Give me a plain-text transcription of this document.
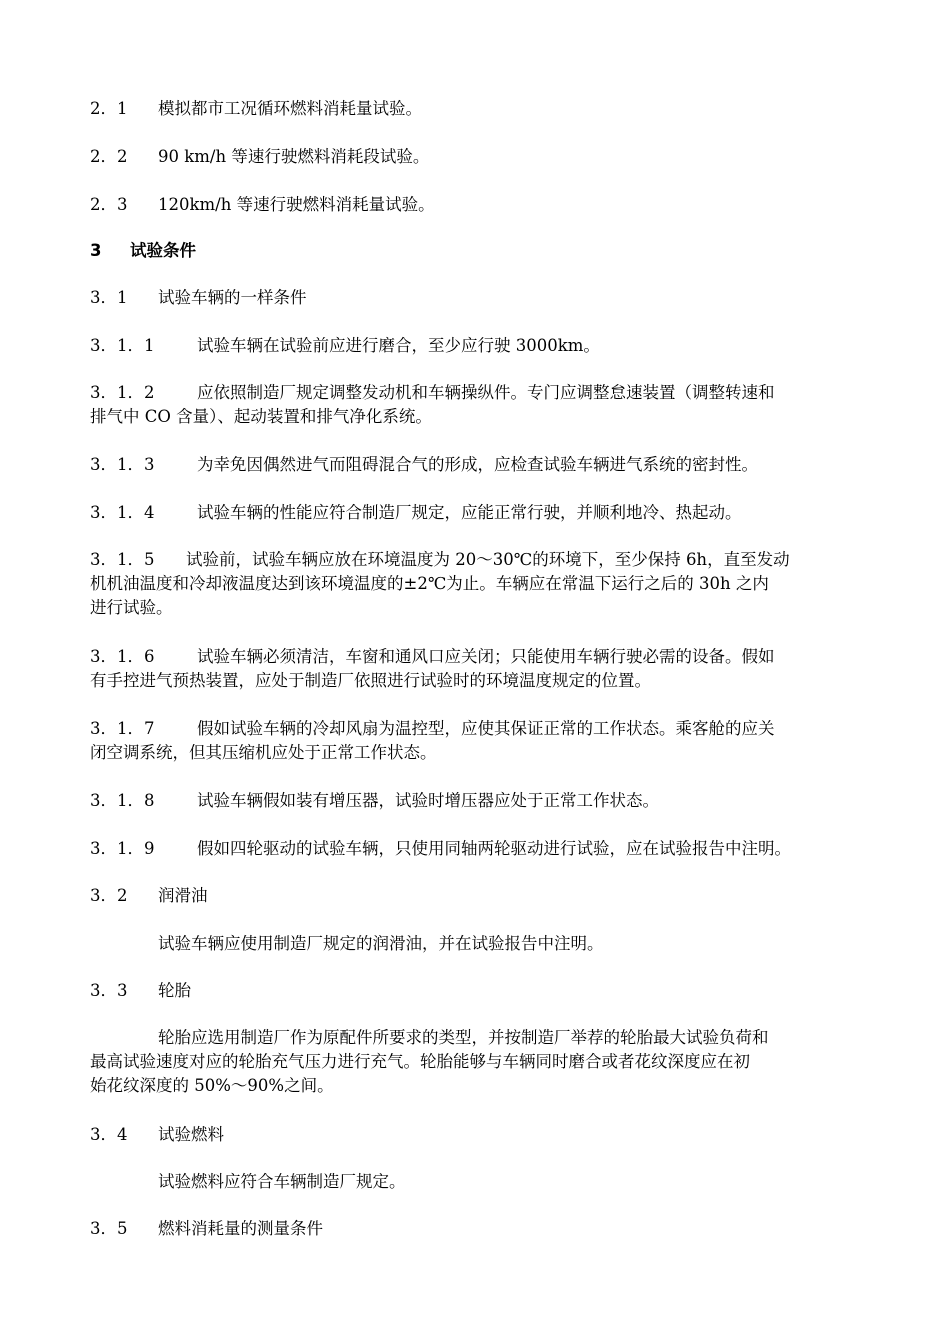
2．1 模拟都市工况循环燃料消耗量试验。
2．2 90 km/h 等速行驶燃料消耗段试验。
2．3 120km/h 等速行驶燃料消耗量试验。
3 试验条件
3．1 试验车辆的一样条件
3．1．1	试验车辆在试验前应进行磨合，至少应行驶 3000km。
3．1．2	应依照制造厂规定调整发动机和车辆操纵件。专门应调整怠速装置（调整转速和
排气中 CO 含量）、起动装置和排气净化系统。
3．1．3	为幸免因偶然进气而阻碍混合气的形成，应检查试验车辆进气系统的密封性。
3．1．4	试验车辆的性能应符合制造厂规定，应能正常行驶，并顺利地冷、热起动。
3．1．5 试验前，试验车辆应放在环境温度为 20～30℃的环境下，至少保持 6h，直至发动
机机油温度和冷却液温度达到该环境温度的±2℃为止。车辆应在常温下运行之后的 30h 之内
进行试验。
3．1．6	试验车辆必须清洁，车窗和通风口应关闭；只能使用车辆行驶必需的设备。假如
有手控进气预热装置，应处于制造厂依照进行试验时的环境温度规定的位置。
3．1．7	假如试验车辆的冷却风扇为温控型，应使其保证正常的工作状态。乘客舱的应关
闭空调系统，但其压缩机应处于正常工作状态。
3．1．8	试验车辆假如装有增压器，试验时增压器应处于正常工作状态。
3．1．9	假如四轮驱动的试验车辆，只使用同轴两轮驱动进行试验，应在试验报告中注明。
3．2 润滑油
试验车辆应使用制造厂规定的润滑油，并在试验报告中注明。
3．3 轮胎
轮胎应选用制造厂作为原配件所要求的类型，并按制造厂举荐的轮胎最大试验负荷和
最高试验速度对应的轮胎充气压力进行充气。轮胎能够与车辆同时磨合或者花纹深度应在初
始花纹深度的 50%～90%之间。
3．4 试验燃料
试验燃料应符合车辆制造厂规定。
3．5 燃料消耗量的测量条件
